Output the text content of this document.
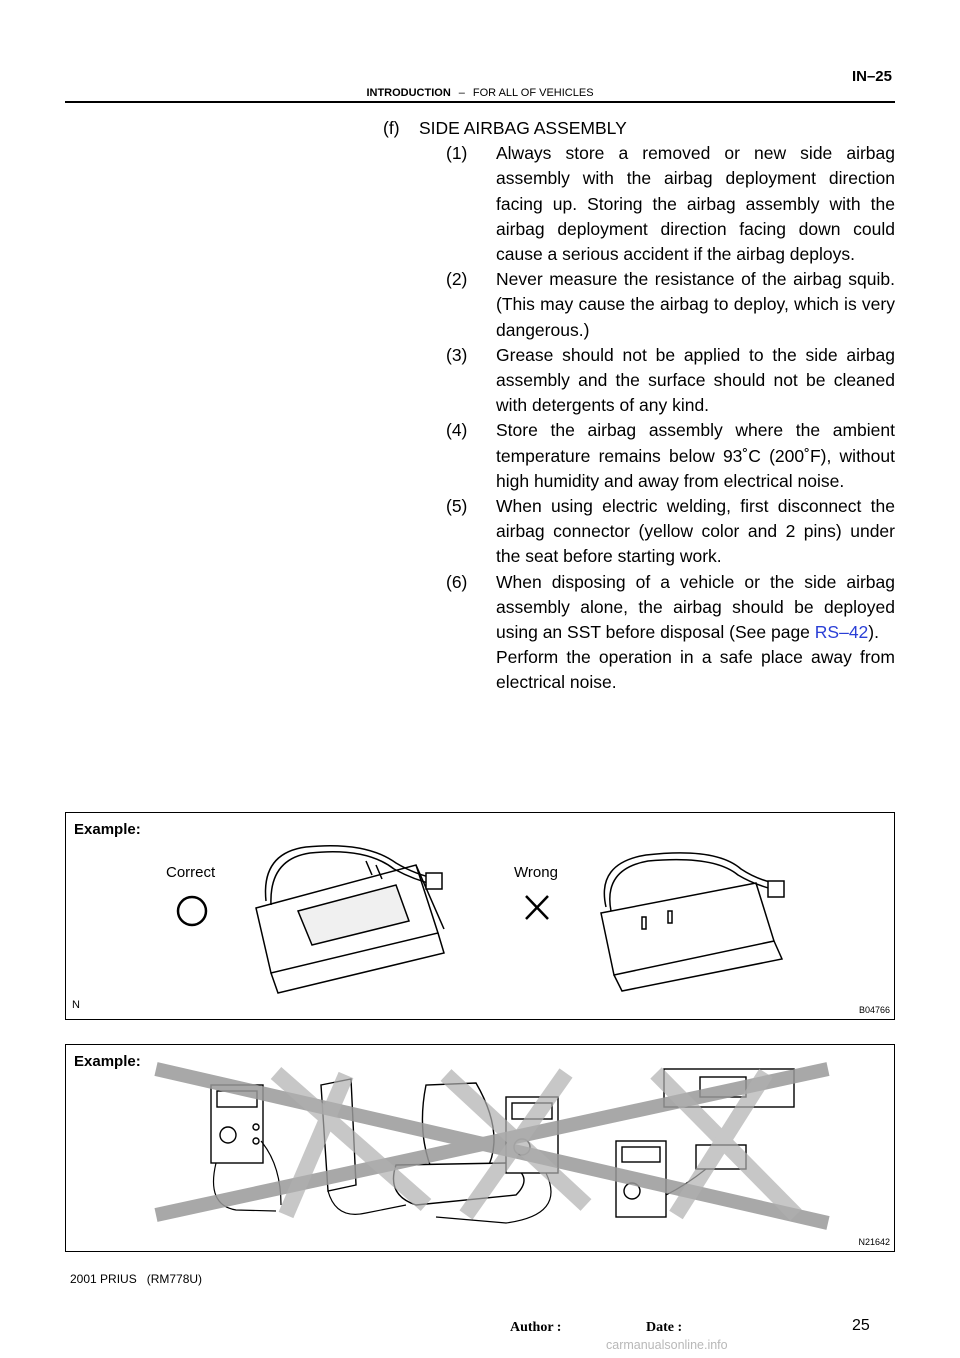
IN–25
INTRODUCTION – FOR ALL OF VEHICLES
(f)    SIDE AIRBAG ASSEMBLY
(1) Always store a removed or new side airbag assembly with the airbag deployment direction facing up. Storing the airbag assembly with the airbag deployment direction facing down could cause a serious accident if the airbag deploys.
(2) Never measure the resistance of the airbag squib. (This may cause the airbag to deploy, which is very dangerous.)
(3) Grease should not be applied to the side airbag assembly and the surface should not be cleaned with detergents of any kind.
(4) Store the airbag assembly where the ambient temperature remains below 93˚C (200˚F), without high humidity and away from electrical noise.
(5) When using electric welding, first disconnect the airbag connector (yellow color and 2 pins) under the seat before starting work.
(6) When disposing of a vehicle or the side airbag assembly alone, the airbag should be deployed using an SST before disposal (See page RS–42).
Perform the operation in a safe place away from electrical noise.
Example:
Correct	Wrong
Ν	B04766
Example:
N21642
2001 PRIUS   (RM778U)
Author :	Date :	25
carmanualsonline.info
